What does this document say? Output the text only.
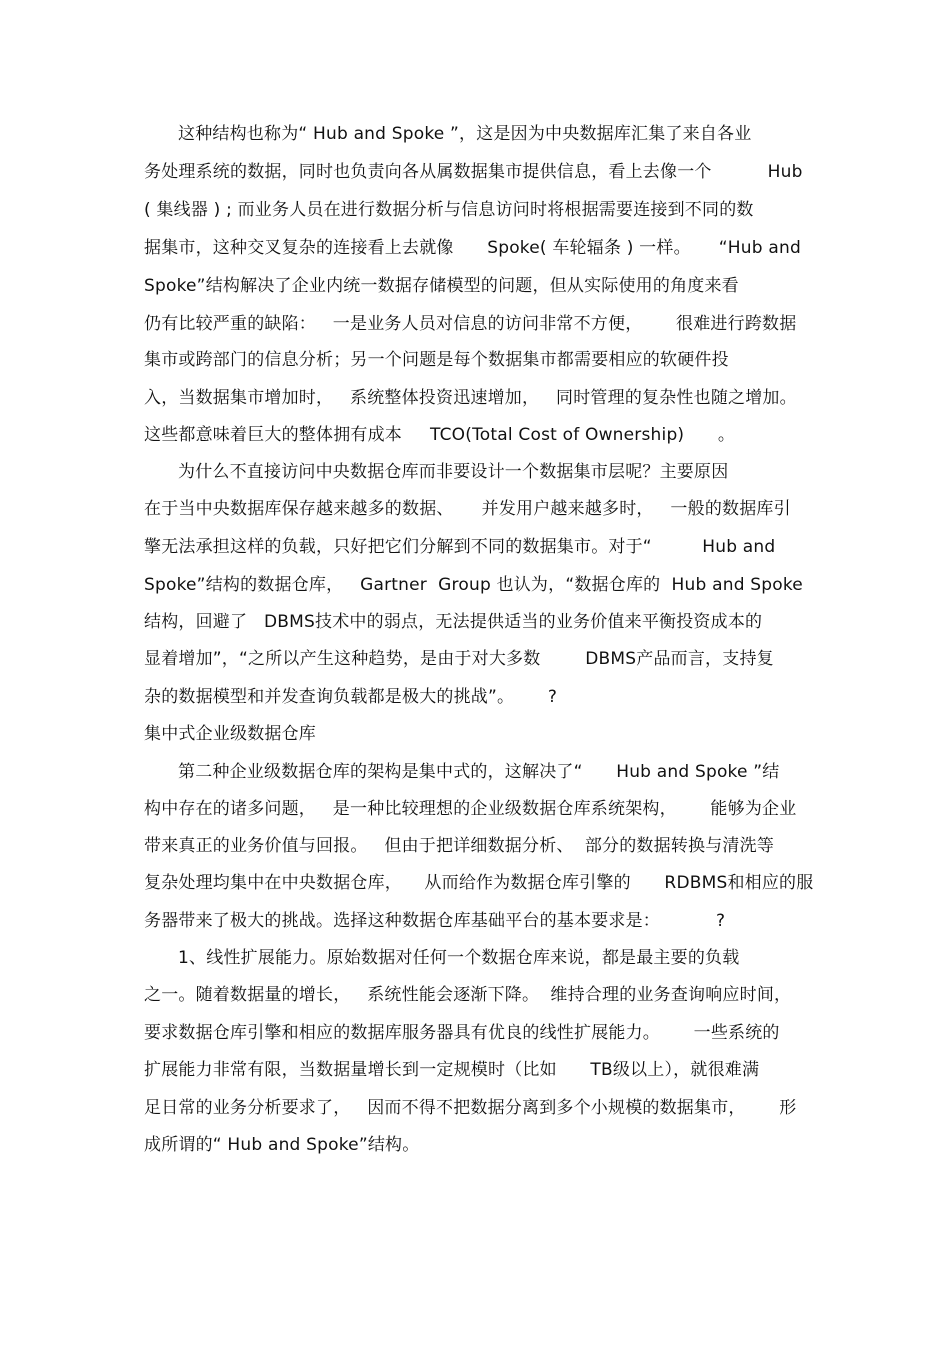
这种结构也称为“ Hub and Spoke ”，这是因为中央数据库汇集了来自各业
务处理系统的数据，同时也负责向各从属数据集市提供信息，看上去像一个          Hub
( 集线器 ) ; 而业务人员在进行数据分析与信息访问时将根据需要连接到不同的数
据集市，这种交叉复杂的连接看上去就像      Spoke( 车轮辐条 ) 一样。     “Hub and
Spoke”结构解决了企业内统一数据存储模型的问题，但从实际使用的角度来看
仍有比较严重的缺陷：   一是业务人员对信息的访问非常不方便，      很难进行跨数据
集市或跨部门的信息分析；另一个问题是每个数据集市都需要相应的软硬件投
入，当数据集市增加时，   系统整体投资迅速增加，   同时管理的复杂性也随之增加。
这些都意味着巨大的整体拥有成本     TCO(Total Cost of Ownership)      。
为什么不直接访问中央数据仓库而非要设计一个数据集市层呢？主要原因
在于当中央数据库保存越来越多的数据、     并发用户越来越多时，   一般的数据库引
擎无法承担这样的负载，只好把它们分解到不同的数据集市。对于“         Hub and
Spoke”结构的数据仓库，   Gartner  Group 也认为，“数据仓库的  Hub and Spoke
结构，回避了   DBMS技术中的弱点，无法提供适当的业务价值来平衡投资成本的
显着增加”，“之所以产生这种趋势，是由于对大多数        DBMS产品而言，支持复
杂的数据模型和并发查询负载都是极大的挑战”。      ?
集中式企业级数据仓库
第二种企业级数据仓库的架构是集中式的，这解决了“      Hub and Spoke ”结
构中存在的诸多问题，   是一种比较理想的企业级数据仓库系统架构，      能够为企业
带来真正的业务价值与回报。   但由于把详细数据分析、  部分的数据转换与清洗等
复杂处理均集中在中央数据仓库，    从而给作为数据仓库引擎的      RDBMS和相应的服
务器带来了极大的挑战。选择这种数据仓库基础平台的基本要求是：          ?
1、线性扩展能力。原始数据对任何一个数据仓库来说，都是最主要的负载
之一。随着数据量的增长，   系统性能会逐渐下降。  维持合理的业务查询响应时间，
要求数据仓库引擎和相应的数据库服务器具有优良的线性扩展能力。      一些系统的
扩展能力非常有限，当数据量增长到一定规模时（比如      TB级以上），就很难满
足日常的业务分析要求了，   因而不得不把数据分离到多个小规模的数据集市，      形
成所谓的“ Hub and Spoke”结构。
